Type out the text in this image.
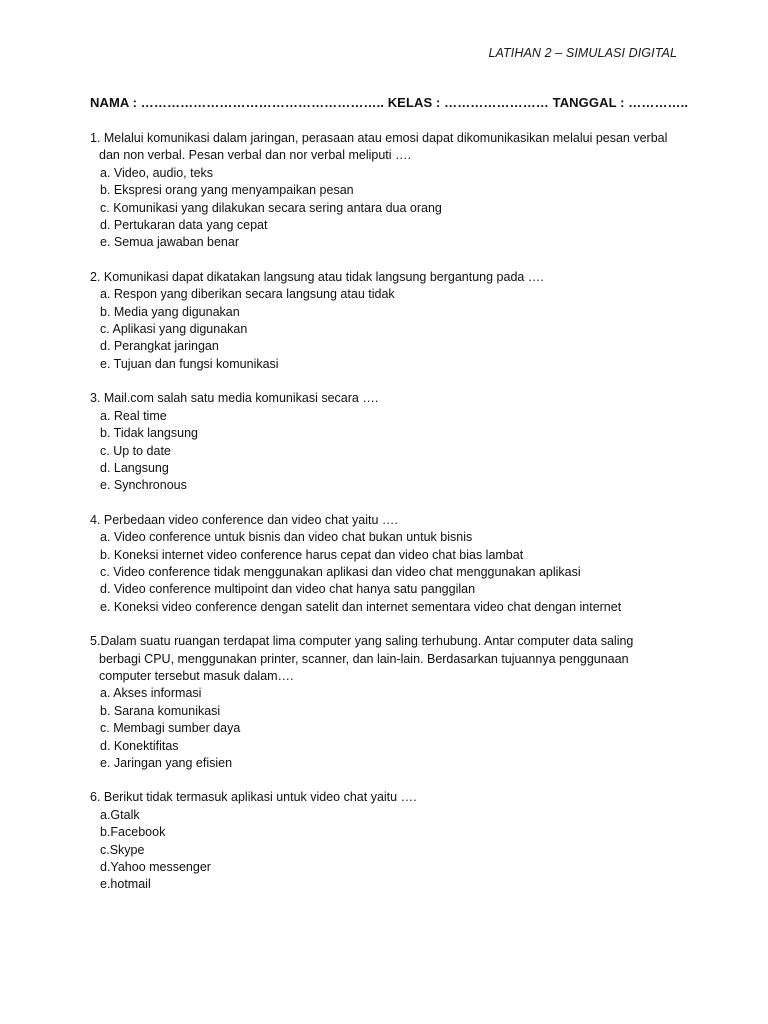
LATIHAN 2 – SIMULASI DIGITAL
NAMA : ……………………………………………….. KELAS : …………………… TANGGAL : …………..
1. Melalui komunikasi dalam jaringan, perasaan atau emosi dapat dikomunikasikan melalui pesan verbal
dan non verbal. Pesan verbal dan nor verbal meliputi ….
a. Video, audio, teks
b. Ekspresi orang yang menyampaikan pesan
c. Komunikasi yang dilakukan secara sering antara dua orang
d. Pertukaran data yang cepat
e. Semua jawaban benar
2. Komunikasi dapat dikatakan langsung atau tidak langsung bergantung pada ….
a. Respon yang diberikan secara langsung atau tidak
b. Media yang digunakan
c. Aplikasi yang digunakan
d. Perangkat jaringan
e. Tujuan dan fungsi komunikasi
3. Mail.com salah satu media komunikasi secara ….
a. Real time
b. Tidak langsung
c. Up to date
d. Langsung
e. Synchronous
4. Perbedaan video conference dan video chat yaitu ….
a. Video conference untuk bisnis dan video chat bukan untuk bisnis
b. Koneksi internet video conference harus cepat dan video chat bias lambat
c. Video conference tidak menggunakan aplikasi dan video chat menggunakan aplikasi
d. Video conference multipoint dan video chat hanya satu panggilan
e. Koneksi video conference dengan satelit dan internet sementara video chat dengan internet
5.Dalam suatu ruangan terdapat lima computer yang saling terhubung. Antar computer data saling
berbagi CPU, menggunakan printer, scanner, dan lain-lain. Berdasarkan tujuannya penggunaan
computer tersebut masuk dalam….
a. Akses informasi
b. Sarana komunikasi
c. Membagi sumber daya
d. Konektifitas
e. Jaringan yang efisien
6. Berikut tidak termasuk aplikasi untuk video chat yaitu ….
a.Gtalk
b.Facebook
c.Skype
d.Yahoo messenger
e.hotmail
